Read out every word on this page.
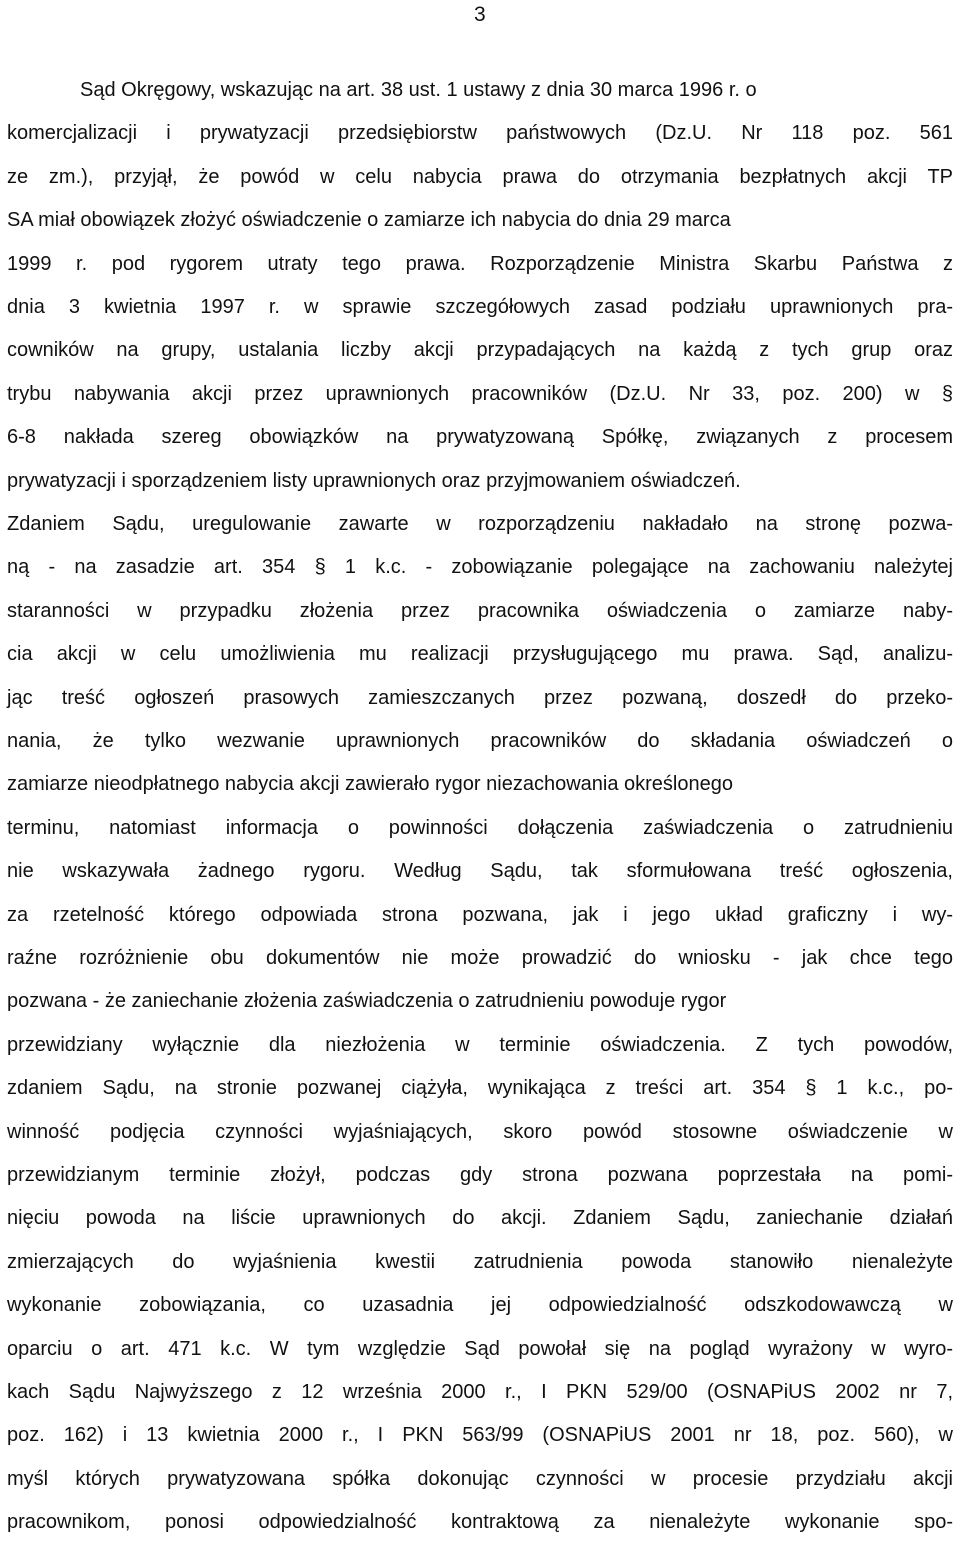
3
Sąd Okręgowy, wskazując na art. 38 ust. 1 ustawy z dnia 30 marca 1996 r. o
komercjalizacji i prywatyzacji przedsiębiorstw państwowych (Dz.U. Nr 118 poz. 561
ze zm.), przyjął, że powód w celu nabycia prawa do otrzymania bezpłatnych akcji TP
SA miał obowiązek złożyć oświadczenie o zamiarze ich nabycia do dnia 29 marca
1999 r. pod rygorem utraty tego prawa. Rozporządzenie Ministra Skarbu Państwa z
dnia 3 kwietnia 1997 r. w sprawie szczegółowych zasad podziału uprawnionych pra-
cowników na grupy, ustalania liczby akcji przypadających na każdą z tych grup oraz
trybu nabywania akcji przez uprawnionych pracowników (Dz.U. Nr 33, poz. 200) w §
6-8 nakłada szereg obowiązków na prywatyzowaną Spółkę, związanych z procesem
prywatyzacji i sporządzeniem listy uprawnionych oraz przyjmowaniem oświadczeń.
Zdaniem Sądu, uregulowanie zawarte w rozporządzeniu nakładało na stronę pozwa-
ną - na zasadzie art. 354 § 1 k.c. - zobowiązanie polegające na zachowaniu należytej
staranności w przypadku złożenia przez pracownika oświadczenia o zamiarze naby-
cia akcji w celu umożliwienia mu realizacji przysługującego mu prawa. Sąd, analizu-
jąc treść ogłoszeń prasowych zamieszczanych przez pozwaną, doszedł do przeko-
nania, że tylko wezwanie uprawnionych pracowników do składania oświadczeń o
zamiarze nieodpłatnego nabycia akcji zawierało rygor niezachowania określonego
terminu, natomiast informacja o powinności dołączenia zaświadczenia o zatrudnieniu
nie wskazywała żadnego rygoru. Według Sądu, tak sformułowana treść ogłoszenia,
za rzetelność którego odpowiada strona pozwana, jak i jego układ graficzny i wy-
raźne rozróżnienie obu dokumentów nie może prowadzić do wniosku - jak chce tego
pozwana - że zaniechanie złożenia zaświadczenia o zatrudnieniu powoduje rygor
przewidziany wyłącznie dla niezłożenia w terminie oświadczenia. Z tych powodów,
zdaniem Sądu, na stronie pozwanej ciążyła, wynikająca z treści art. 354 § 1 k.c., po-
winność podjęcia czynności wyjaśniających, skoro powód stosowne oświadczenie w
przewidzianym terminie złożył, podczas gdy strona pozwana poprzestała na pomi-
nięciu powoda na liście uprawnionych do akcji. Zdaniem Sądu, zaniechanie działań
zmierzających do wyjaśnienia kwestii zatrudnienia powoda stanowiło nienależyte
wykonanie zobowiązania, co uzasadnia jej odpowiedzialność odszkodowawczą w
oparciu o art. 471 k.c. W tym względzie Sąd powołał się na pogląd wyrażony w wyro-
kach Sądu Najwyższego z 12 września 2000 r., I PKN 529/00 (OSNAPiUS 2002 nr 7,
poz. 162) i 13 kwietnia 2000 r., I PKN 563/99 (OSNAPiUS 2001 nr 18, poz. 560), w
myśl których prywatyzowana spółka dokonując czynności w procesie przydziału akcji
pracownikom, ponosi odpowiedzialność kontraktową za nienależyte wykonanie spo-
